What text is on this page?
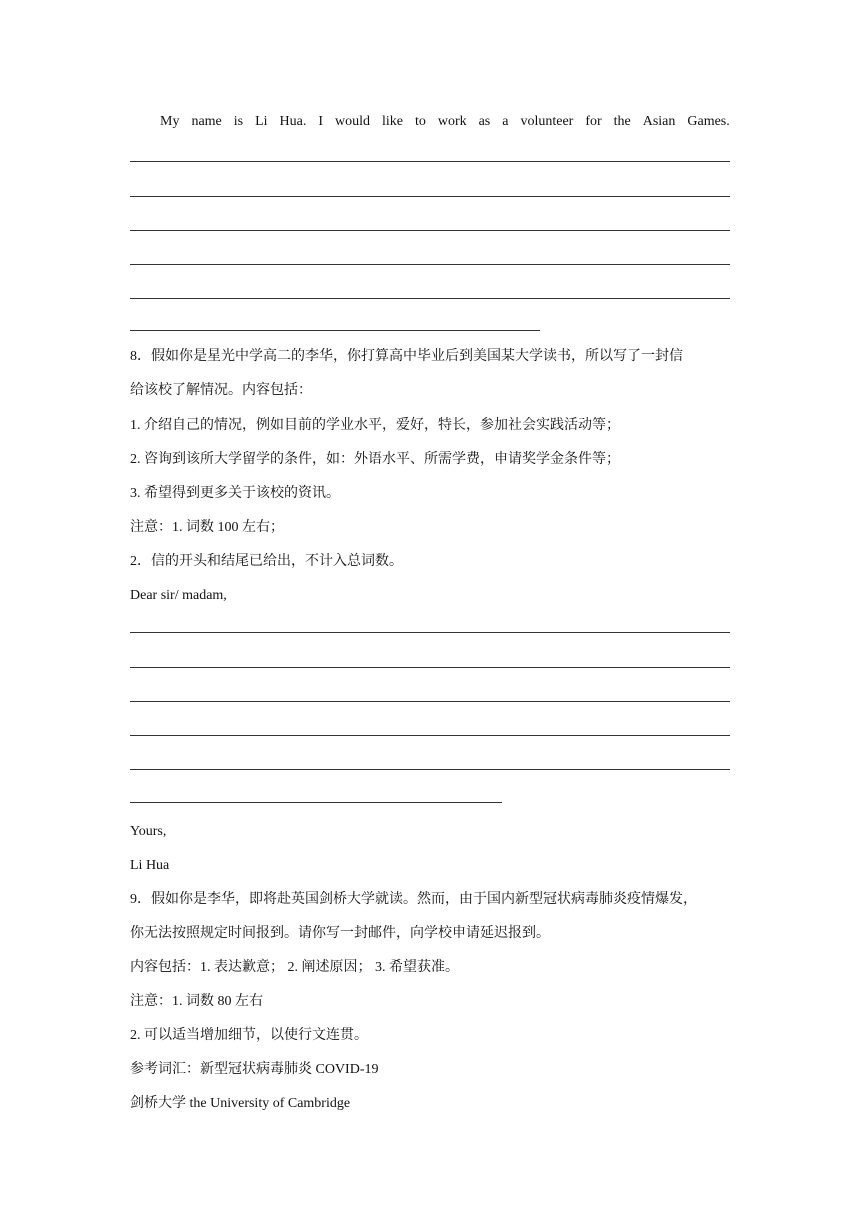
My name is Li Hua. I would like to work as a volunteer for the Asian Games.
8．假如你是星光中学高二的李华，你打算高中毕业后到美国某大学读书，所以写了一封信
给该校了解情况。内容包括：
1. 介绍自己的情况，例如目前的学业水平，爱好，特长，参加社会实践活动等；
2. 咨询到该所大学留学的条件，如：外语水平、所需学费，申请奖学金条件等；
3. 希望得到更多关于该校的资讯。
注意：1. 词数 100 左右；
2．信的开头和结尾已给出，不计入总词数。
Dear sir/ madam,
Yours,
Li Hua
9．假如你是李华，即将赴英国剑桥大学就读。然而，由于国内新型冠状病毒肺炎疫情爆发，
你无法按照规定时间报到。请你写一封邮件，向学校申请延迟报到。
内容包括：1. 表达歉意； 2. 阐述原因； 3. 希望获准。
注意：1. 词数 80 左右
2. 可以适当增加细节，以使行文连贯。
参考词汇：新型冠状病毒肺炎 COVID-19
剑桥大学 the University of Cambridge
